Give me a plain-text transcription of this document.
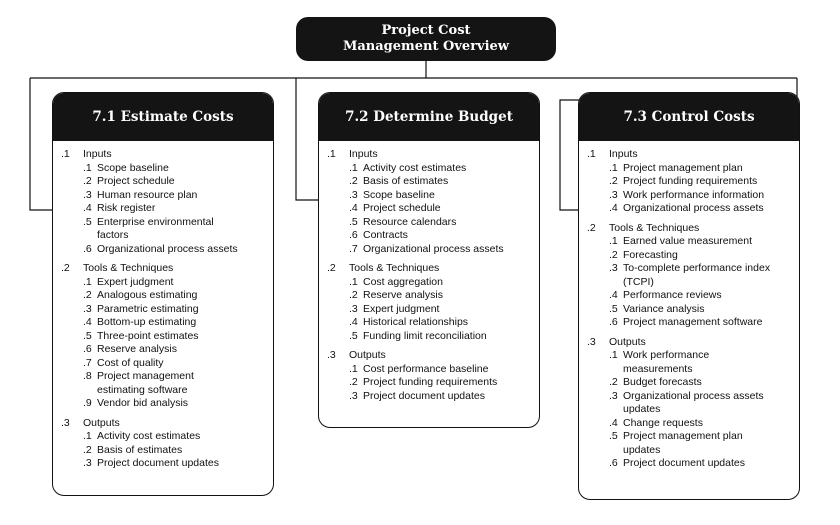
Project Cost
Management Overview
7.1 Estimate Costs
.1	Inputs
.1 Scope baseline
.2 Project schedule
.3 Human resource plan
.4 Risk register
.5 Enterprise environmental factors
.6 Organizational process assets
.2	Tools & Techniques
.1 Expert judgment
.2 Analogous estimating
.3 Parametric estimating
.4 Bottom-up estimating
.5 Three-point estimates
.6 Reserve analysis
.7 Cost of quality
.8 Project management estimating software
.9 Vendor bid analysis
.3	Outputs
.1 Activity cost estimates
.2 Basis of estimates
.3 Project document updates
7.2 Determine Budget
.1	Inputs
.1 Activity cost estimates
.2 Basis of estimates
.3 Scope baseline
.4 Project schedule
.5 Resource calendars
.6 Contracts
.7 Organizational process assets
.2	Tools & Techniques
.1 Cost aggregation
.2 Reserve analysis
.3 Expert judgment
.4 Historical relationships
.5 Funding limit reconciliation
.3	Outputs
.1 Cost performance baseline
.2 Project funding requirements
.3 Project document updates
7.3 Control Costs
.1	Inputs
.1 Project management plan
.2 Project funding requirements
.3 Work performance information
.4 Organizational process assets
.2	Tools & Techniques
.1 Earned value measurement
.2 Forecasting
.3 To-complete performance index (TCPI)
.4 Performance reviews
.5 Variance analysis
.6 Project management software
.3	Outputs
.1 Work performance measurements
.2 Budget forecasts
.3 Organizational process assets updates
.4 Change requests
.5 Project management plan updates
.6 Project document updates
